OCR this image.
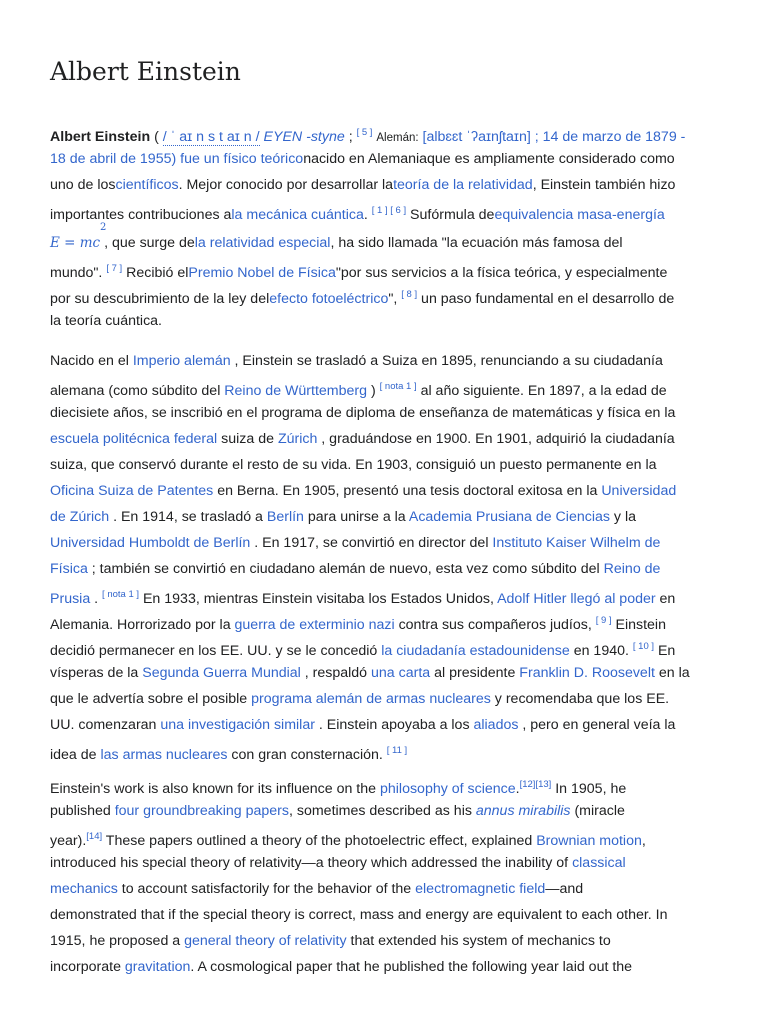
Albert Einstein
Albert Einstein ( / ˈ aɪ n s t aɪ n / EYEN -styne ; [ 5 ] Alemán: [albɛɛt ˈʔaɪnʃtaɪn] ; 14 de marzo de 1879 -
18 de abril de 1955) fue un físico teóriconacido en Alemaniaque es ampliamente considerado como
uno de loscientíficos. Mejor conocido por desarrollar lateoría de la relatividad, Einstein también hizo
importantes contribuciones ala mecánica cuántica. [ 1 ] [ 6 ] Sufórmula deequivalencia masa-energía
E = mc , que surge dela relatividad especial, ha sido llamada "la ecuación más famosa del
mundo". [ 7 ] Recibió elPremio Nobel de Física"por sus servicios a la física teórica, y especialmente
por su descubrimiento de la ley delefecto fotoeléctrico", [ 8 ] un paso fundamental en el desarrollo de
la teoría cuántica.
Nacido en el Imperio alemán , Einstein se trasladó a Suiza en 1895, renunciando a su ciudadanía
alemana (como súbdito del Reino de Württemberg ) [ nota 1 ] al año siguiente. En 1897, a la edad de
diecisiete años, se inscribió en el programa de diploma de enseñanza de matemáticas y física en la
escuela politécnica federal suiza de Zúrich , graduándose en 1900. En 1901, adquirió la ciudadanía
suiza, que conservó durante el resto de su vida. En 1903, consiguió un puesto permanente en la
Oficina Suiza de Patentes en Berna. En 1905, presentó una tesis doctoral exitosa en la Universidad
de Zúrich . En 1914, se trasladó a Berlín para unirse a la Academia Prusiana de Ciencias y la
Universidad Humboldt de Berlín . En 1917, se convirtió en director del Instituto Kaiser Wilhelm de
Física ; también se convirtió en ciudadano alemán de nuevo, esta vez como súbdito del Reino de
Prusia . [ nota 1 ] En 1933, mientras Einstein visitaba los Estados Unidos, Adolf Hitler llegó al poder en
Alemania. Horrorizado por la guerra de exterminio nazi contra sus compañeros judíos, [ 9 ] Einstein
decidió permanecer en los EE. UU. y se le concedió la ciudadanía estadounidense en 1940. [ 10 ] En
vísperas de la Segunda Guerra Mundial , respaldó una carta al presidente Franklin D. Roosevelt en la
que le advertía sobre el posible programa alemán de armas nucleares y recomendaba que los EE.
UU. comenzaran una investigación similar . Einstein apoyaba a los aliados , pero en general veía la
idea de las armas nucleares con gran consternación. [ 11 ]
Einstein's work is also known for its influence on the philosophy of science.[12][13] In 1905, he
published four groundbreaking papers, sometimes described as his annus mirabilis (miracle
year).[14] These papers outlined a theory of the photoelectric effect, explained Brownian motion,
introduced his special theory of relativity—a theory which addressed the inability of classical
mechanics to account satisfactorily for the behavior of the electromagnetic field—and
demonstrated that if the special theory is correct, mass and energy are equivalent to each other. In
1915, he proposed a general theory of relativity that extended his system of mechanics to
incorporate gravitation. A cosmological paper that he published the following year laid out the
2
